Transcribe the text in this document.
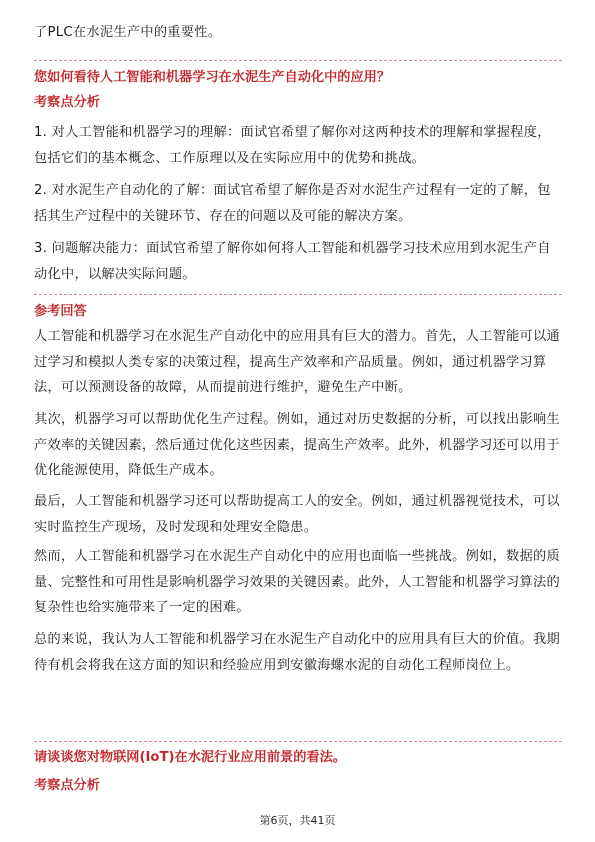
了PLC在水泥生产中的重要性。

您如何看待人工智能和机器学习在水泥生产自动化中的应用？

考察点分析

1. 对人工智能和机器学习的理解：面试官希望了解你对这两种技术的理解和掌握程度，包括它们的基本概念、工作原理以及在实际应用中的优势和挑战。

2. 对水泥生产自动化的了解：面试官希望了解你是否对水泥生产过程有一定的了解，包括其生产过程中的关键环节、存在的问题以及可能的解决方案。

3. 问题解决能力：面试官希望了解你如何将人工智能和机器学习技术应用到水泥生产自动化中，以解决实际问题。

参考回答

人工智能和机器学习在水泥生产自动化中的应用具有巨大的潜力。首先，人工智能可以通过学习和模拟人类专家的决策过程，提高生产效率和产品质量。例如，通过机器学习算法，可以预测设备的故障，从而提前进行维护，避免生产中断。

其次，机器学习可以帮助优化生产过程。例如，通过对历史数据的分析，可以找出影响生产效率的关键因素，然后通过优化这些因素，提高生产效率。此外，机器学习还可以用于优化能源使用，降低生产成本。

最后，人工智能和机器学习还可以帮助提高工人的安全。例如，通过机器视觉技术，可以实时监控生产现场，及时发现和处理安全隐患。

然而，人工智能和机器学习在水泥生产自动化中的应用也面临一些挑战。例如，数据的质量、完整性和可用性是影响机器学习效果的关键因素。此外，人工智能和机器学习算法的复杂性也给实施带来了一定的困难。

总的来说，我认为人工智能和机器学习在水泥生产自动化中的应用具有巨大的价值。我期待有机会将我在这方面的知识和经验应用到安徽海螺水泥的自动化工程师岗位上。

请谈谈您对物联网(IoT)在水泥行业应用前景的看法。

考察点分析

第6页，共41页
